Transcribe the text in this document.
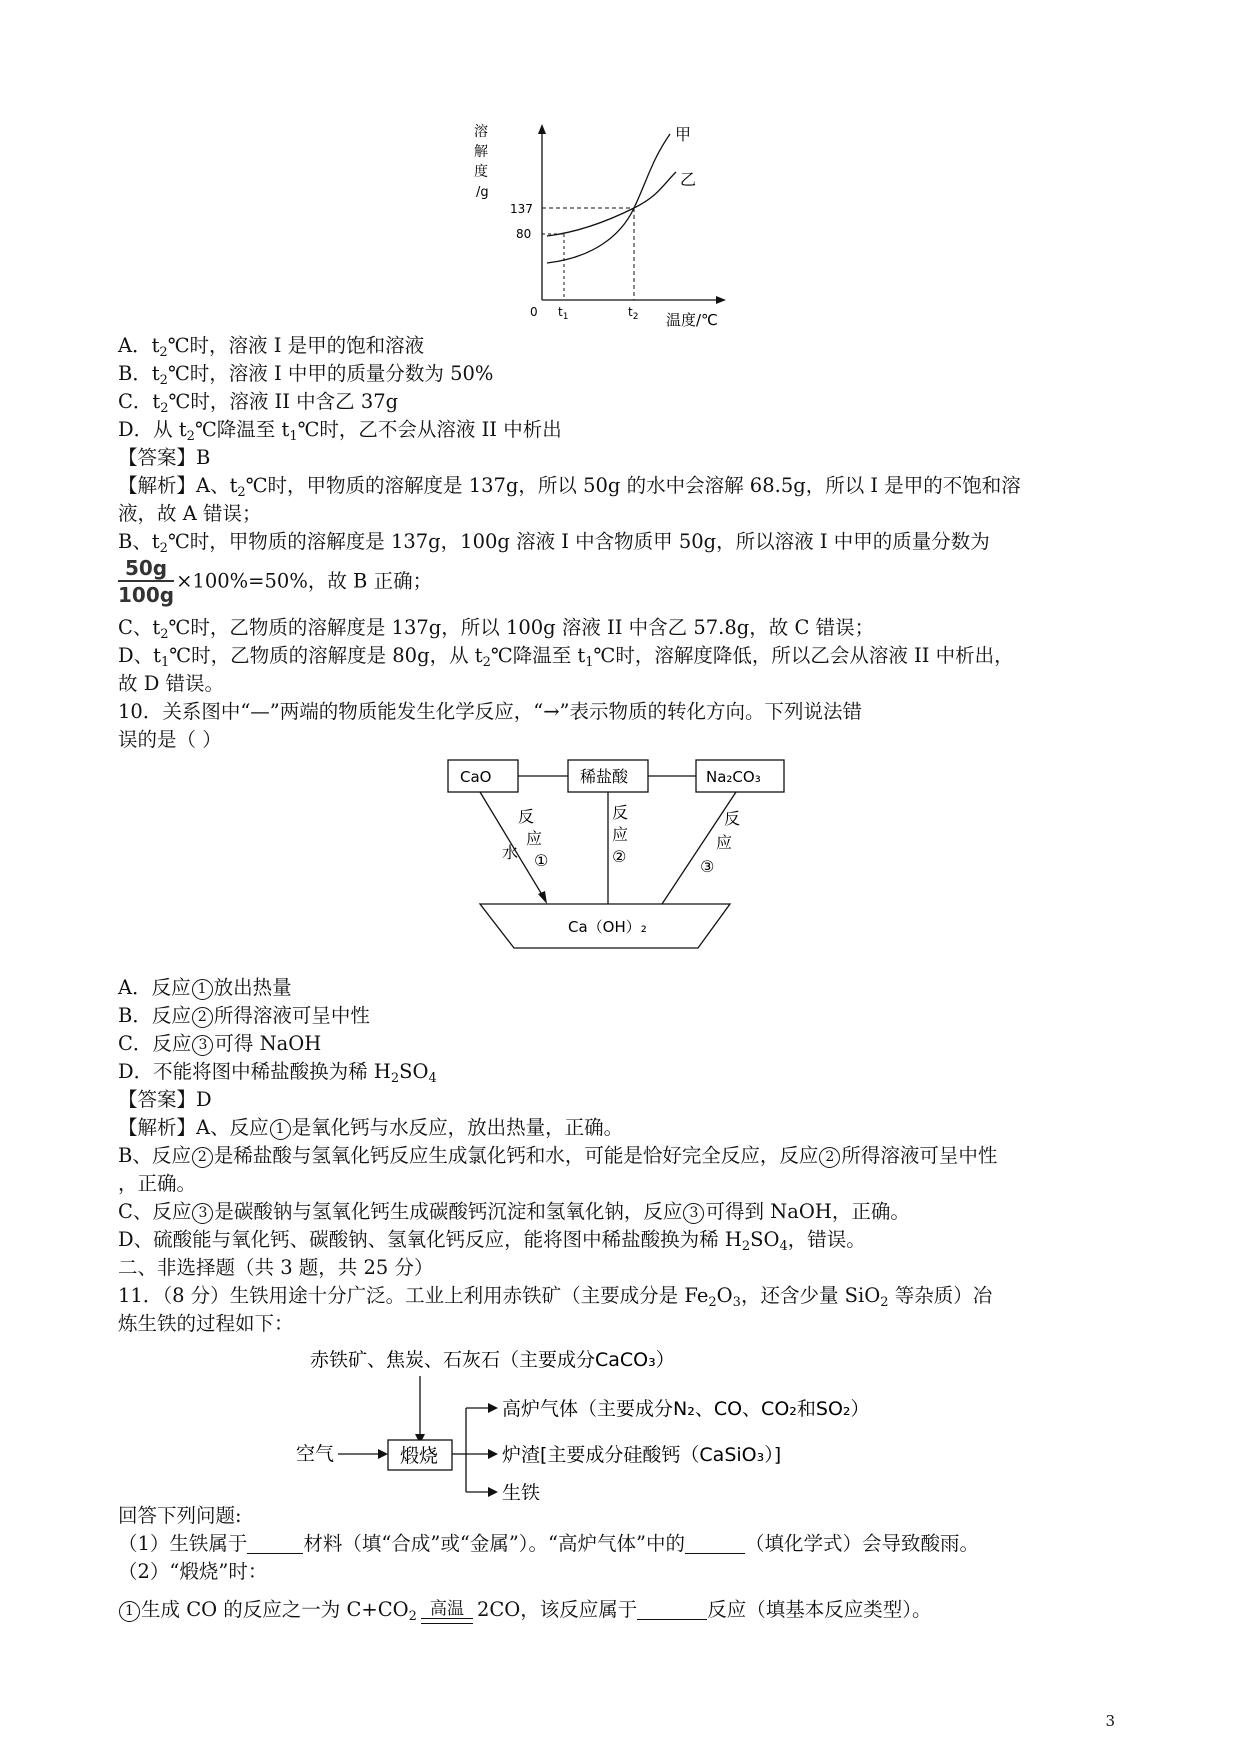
溶
解
度
/g
137
80
0 $t_1$	$t_2$ 温度/℃
甲
乙
A．$t_2℃$时，溶液 I 是甲的饱和溶液
B．$t_2℃$时，溶液 I 中甲的质量分数为 50%
C．$t_2℃$时，溶液 II 中含乙 37g
D．从 $t_2℃$降温至 $t_1℃$时，乙不会从溶液 II 中析出
【答案】B
【解析】A、$t_2℃$时，甲物质的溶解度是 137g，所以 50g 的水中会溶解 68.5g，所以 I 是甲的不饱和溶
液，故 A 错误；
B、$t_2℃$时，甲物质的溶解度是 137g，100g 溶液 I 中含物质甲 50g，所以溶液 I 中甲的质量分数为
$\frac{50g}{100g} \times 100\%=50\%$，故 B 正确；
C、$t_2℃$时，乙物质的溶解度是 137g，所以 100g 溶液 II 中含乙 57.8g，故 C 错误；
D、$t_1℃$时，乙物质的溶解度是 80g，从 $t_2℃$降温至 $t_1℃$时，溶解度降低，所以乙会从溶液 II 中析出，
故 D 错误。
10．关系图中“—”两端的物质能发生化学反应，“→”表示物质的转化方向。下列说法错
误的是（ ）
CaO	稀盐酸	Na₂CO₃
Ca（OH）₂
反
应
①
水
反
应
②
反
应
③
A．反应 1 放出热量
B．反应 2 所得溶液可呈中性
C．反应 3 可得 NaOH
D．不能将图中稀盐酸换为稀 $H_2SO_4$
【答案】D
【解析】A、反应 1 是氧化钙与水反应，放出热量，正确。
B、反应 2 是稀盐酸与氢氧化钙反应生成氯化钙和水，可能是恰好完全反应，反应 2 所得溶液可呈中性
，正确。
C、反应 3 是碳酸钠与氢氧化钙生成碳酸钙沉淀和氢氧化钠，反应 3 可得到 NaOH，正确。
D、硫酸能与氧化钙、碳酸钠、氢氧化钙反应，能将图中稀盐酸换为稀 $H_2SO_4$，错误。
二、非选择题（共 3 题，共 25 分）
11．（8 分）生铁用途十分广泛。工业上利用赤铁矿（主要成分是 $Fe_2O_3$，还含少量 SiO$_2$ 等杂质）冶
炼生铁的过程如下：
赤铁矿、焦炭、石灰石（主要成分CaCO₃）
空气	煅烧
高炉气体（主要成分N₂、CO、CO₂和SO₂）
炉渣[主要成分硅酸钙（CaSiO₃）]
生铁
回答下列问题:
（1）生铁属于	材料（填“合成”或“金属”）。“高炉气体”中的	（填化学式）会导致酸雨。
（2）“煅烧”时：
1 生成 CO 的反应之一为 $C+CO_2$ 高温 2CO，该反应属于	反应（填基本反应类型）。
3
